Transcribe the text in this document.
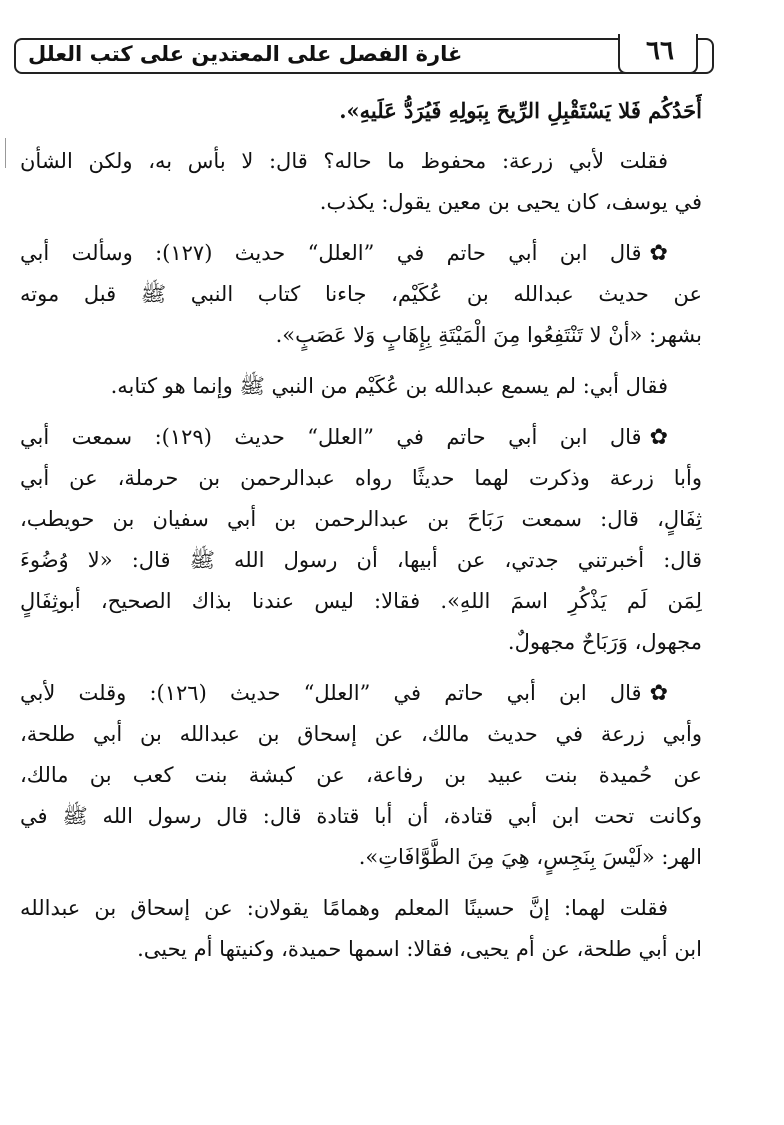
غارة الفصل على المعتدين على كتب العلل	٦٦
أَحَدُكُم فَلا يَسْتَقْبِلِ الرِّيحَ بِبَولِهِ فَيُرَدُّ عَلَيهِ».
فقلت لأبي زرعة: محفوظ ما حاله؟ قال: لا بأس به، ولكن الشأن
في يوسف، كان يحيى بن معين يقول: يكذب.
✿قال ابن أبي حاتم في ”العلل“ حديث (١٢٧): وسألت أبي
عن حديث عبدالله بن عُكَيْم، جاءنا كتاب النبي ﷺ قبل موته
بشهر: «أنْ لا تَنْتَفِعُوا مِنَ الْمَيْتَةِ بِإِهَابٍ وَلا عَصَبٍ».
فقال أبي: لم يسمع عبدالله بن عُكَيْم من النبي ﷺ وإنما هو كتابه.
✿قال ابن أبي حاتم في ”العلل“ حديث (١٢٩): سمعت أبي
وأبا زرعة وذكرت لهما حديثًا رواه عبدالرحمن بن حرملة، عن أبي
ثِفَالٍ، قال: سمعت رَبَاحَ بن عبدالرحمن بن أبي سفيان بن حويطب،
قال: أخبرتني جدتي، عن أبيها، أن رسول الله ﷺ قال: «لا وُضُوءَ
لِمَن لَم يَذْكُرِ اسمَ اللهِ». فقالا: ليس عندنا بذاك الصحيح، أبوثِفَالٍ
مجهول، وَرَبَاحٌ مجهولٌ.
✿قال ابن أبي حاتم في ”العلل“ حديث (١٢٦): وقلت لأبي
وأبي زرعة في حديث مالك، عن إسحاق بن عبدالله بن أبي طلحة،
عن حُميدة بنت عبيد بن رفاعة، عن كبشة بنت كعب بن مالك،
وكانت تحت ابن أبي قتادة، أن أبا قتادة قال: قال رسول الله ﷺ في
الهر: «لَيْسَ بِنَجِسٍ، هِيَ مِنَ الطَّوَّافَاتِ».
فقلت لهما: إنَّ حسينًا المعلم وهمامًا يقولان: عن إسحاق بن عبدالله
ابن أبي طلحة، عن أم يحيى، فقالا: اسمها حميدة، وكنيتها أم يحيى.
